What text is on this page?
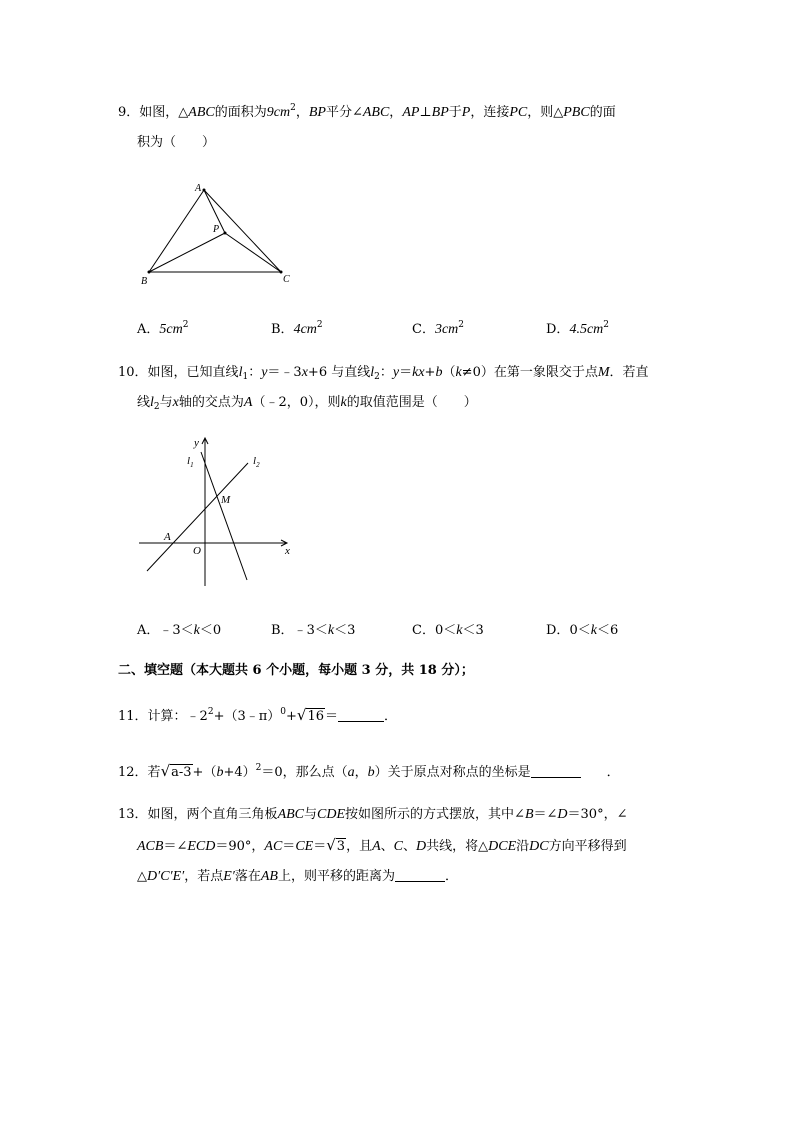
9．如图，△ABC的面积为$9cm^2$，BP平分∠ABC，AP⊥BP于P，连接PC，则△PBC的面
积为（　　）
A
P
B	C
A．$5cm^2$	B．$4cm^2$	C．$3cm^2$	D．$4.5cm^2$
10．如图，已知直线$l_1$：y＝﹣3x+6 与直线$l_2$：y＝kx+b（k≠0）在第一象限交于点M．若直
线$l_2$与x轴的交点为A（﹣2，0），则k的取值范围是（　　）
y
x
$l_1$	$l_2$
M
A
O
A．﹣3＜k＜0	B．﹣3＜k＜3	C．0＜k＜3	D．0＜k＜6
二、填空题（本大题共 6 个小题，每小题 3 分，共 18 分）；
11．计算：$﹣2^2+(3﹣\pi)^0+√16=$	．
12．若$√a-3+(b+4)^2=0$，那么点（a，b）关于原点对称点的坐标是	．
13．如图，两个直角三角板ABC与CDE按如图所示的方式摆放，其中∠B＝∠D＝30°，∠
ACB＝∠ECD＝90°，AC＝CE＝√3，且A、C、D共线，将△DCE沿DC方向平移得到
△D′C′E′，若点E′落在AB上，则平移的距离为	．
